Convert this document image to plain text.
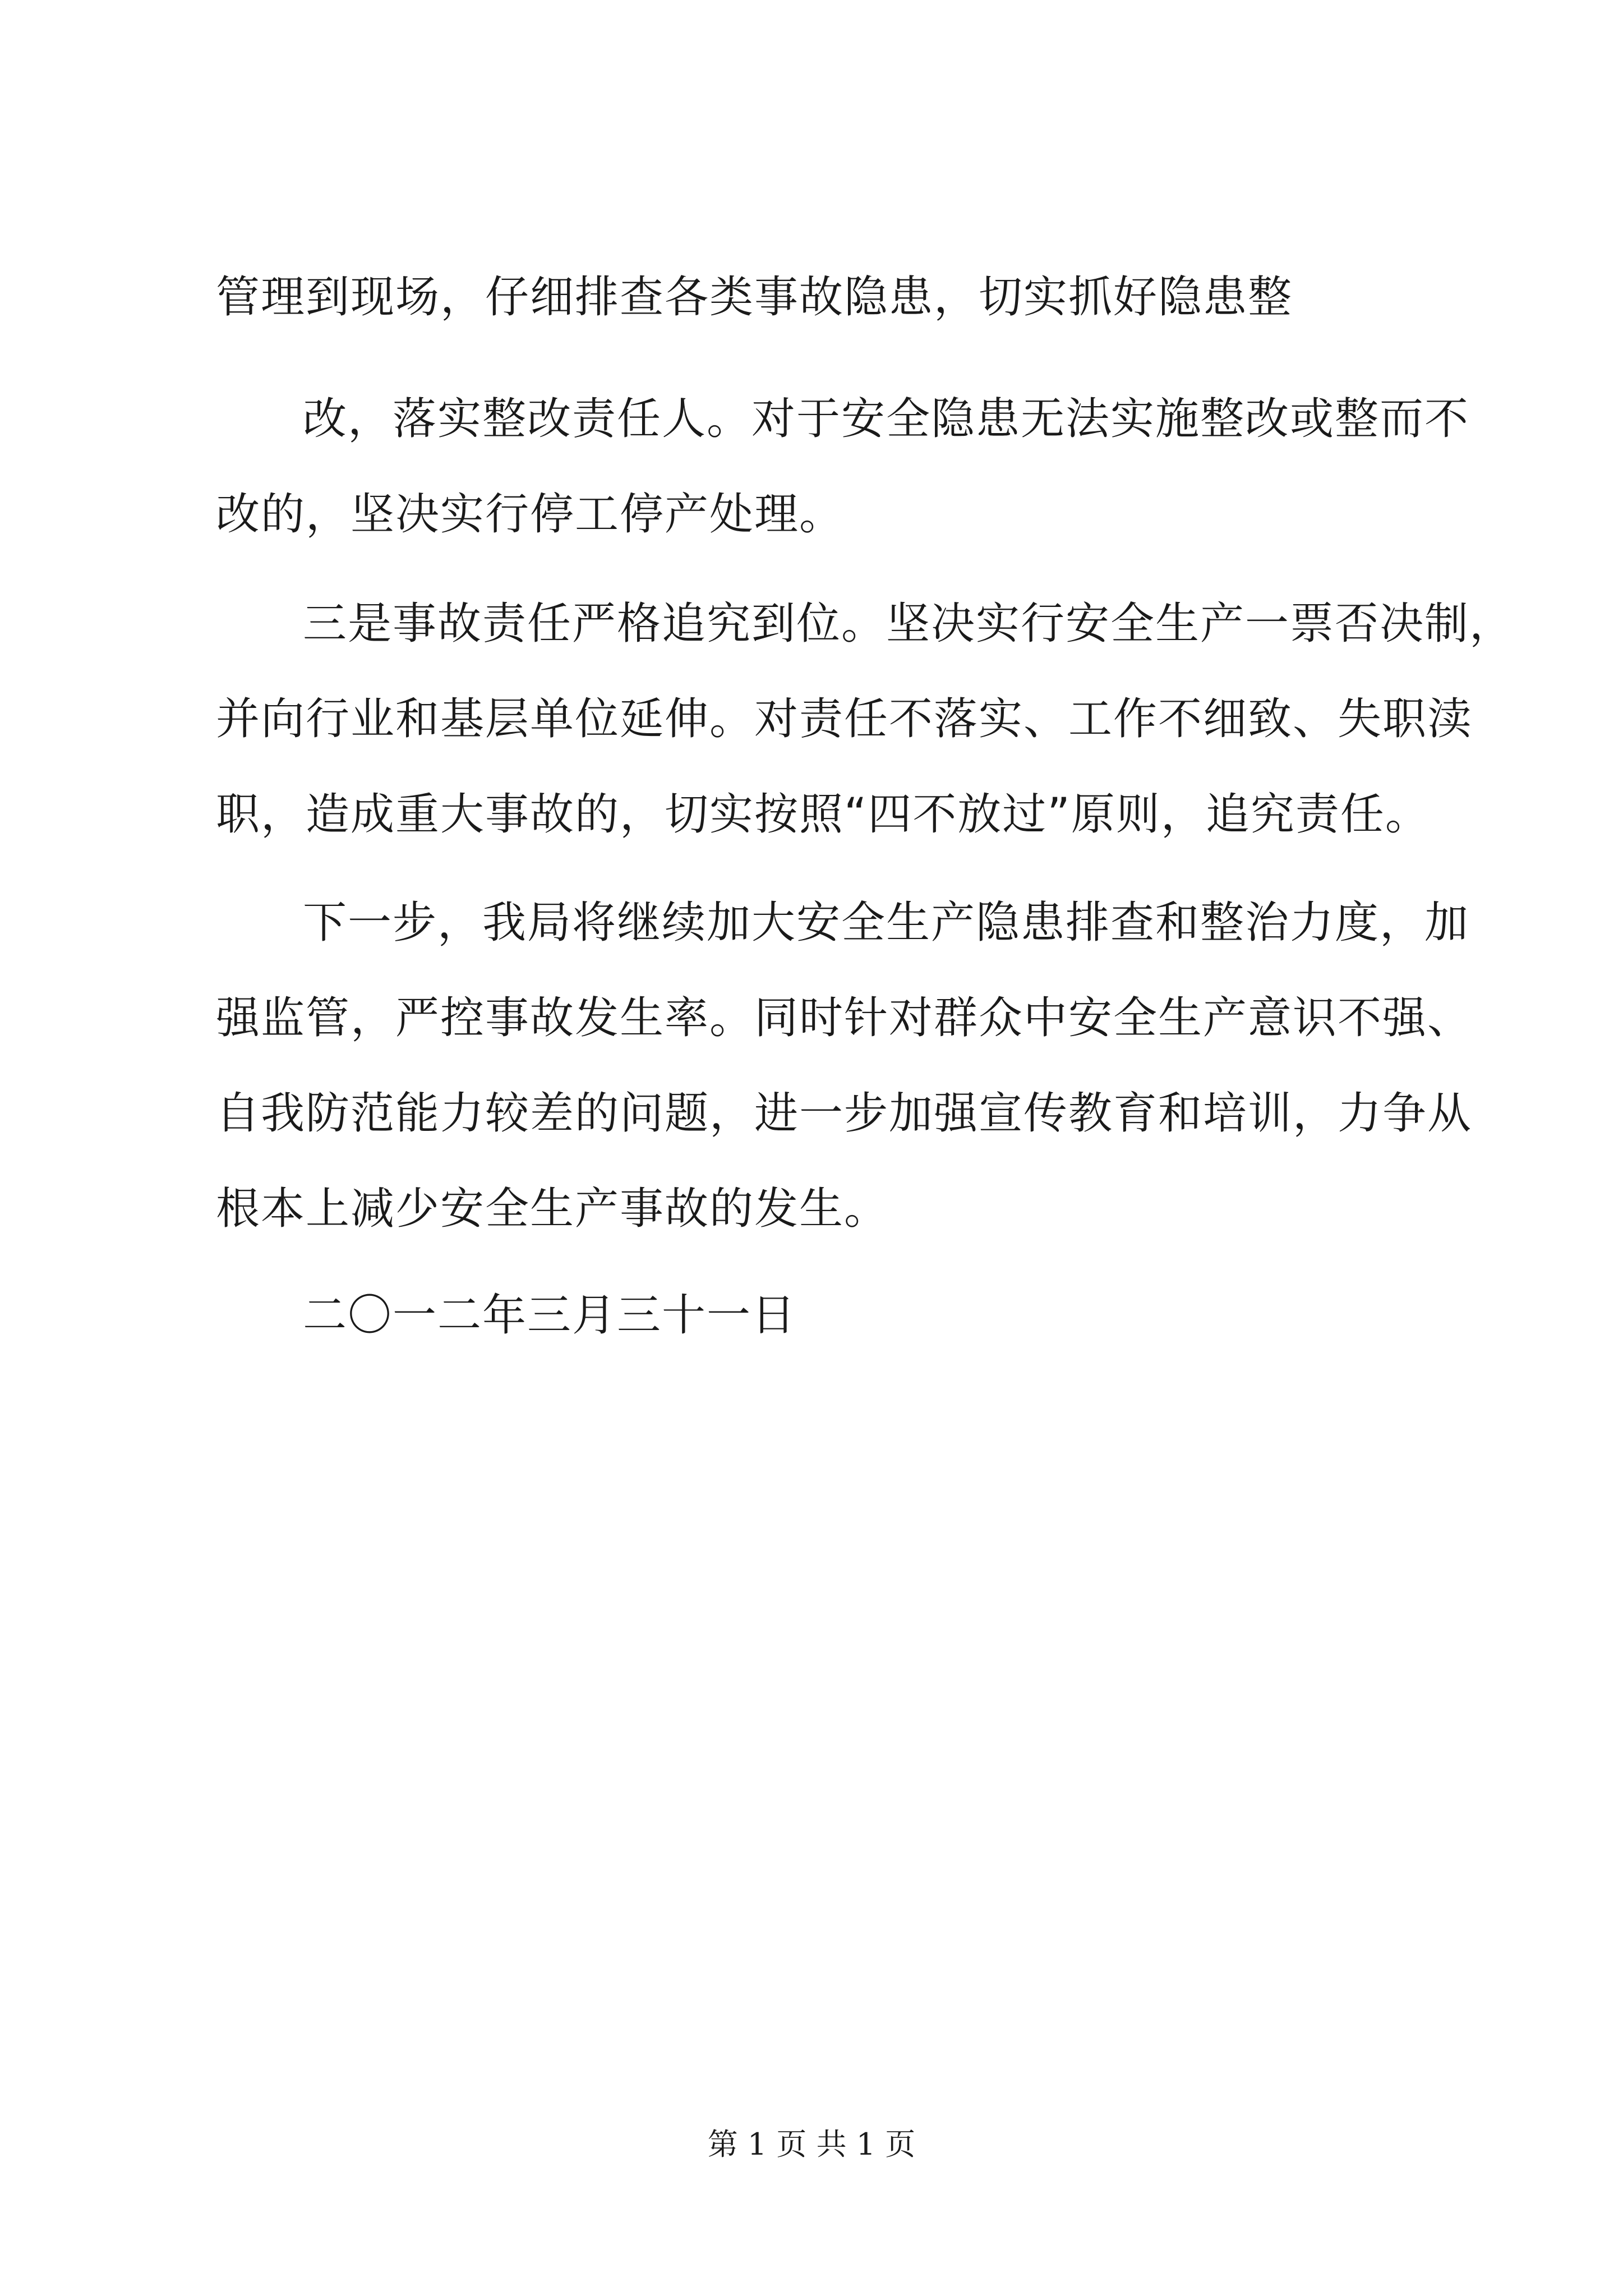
管理到现场，仔细排查各类事故隐患，切实抓好隐患整
改，落实整改责任人。对于安全隐患无法实施整改或整而不
改的，坚决实行停工停产处理。
三是事故责任严格追究到位。坚决实行安全生产一票否决制，
并向行业和基层单位延伸。对责任不落实、工作不细致、失职渎
职，造成重大事故的，切实按照“四不放过”原则，追究责任。
下一步，我局将继续加大安全生产隐患排查和整治力度，加
强监管，严控事故发生率。同时针对群众中安全生产意识不强、
自我防范能力较差的问题，进一步加强宣传教育和培训，力争从
根本上减少安全生产事故的发生。
二〇一二年三月三十一日
第 1 页 共 1 页
